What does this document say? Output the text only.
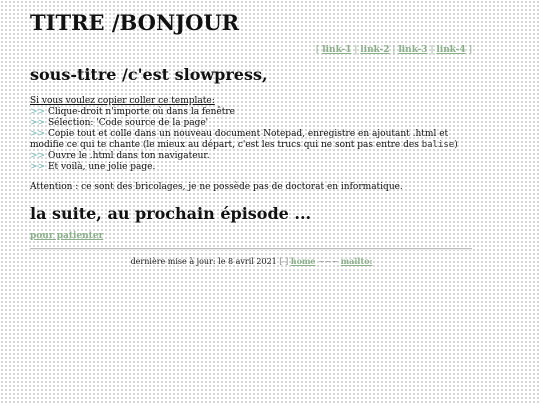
TITRE /BONJOUR
[ link-1 | link-2 | link-3 | link-4 ]
sous-titre /c'est slowpress,
Si vous voulez copier coller ce template:
>> Clique-droit n'importe où dans la fenêtre
>> Sélection: 'Code source de la page'
>> Copie tout et colle dans un nouveau document Notepad, enregistre en ajoutant .html et modifie ce qui te chante (le mieux au départ, c'est les trucs qui ne sont pas entre des balise)
>> Ouvre le .html dans ton navigateur.
>> Et voilà, une jolie page.
Attention : ce sont des bricolages, je ne possède pas de doctorat en informatique.
la suite, au prochain épisode ...
pour patienter
dernière mise à jour: le 8 avril 2021 [-] home ~~~ mailto:
